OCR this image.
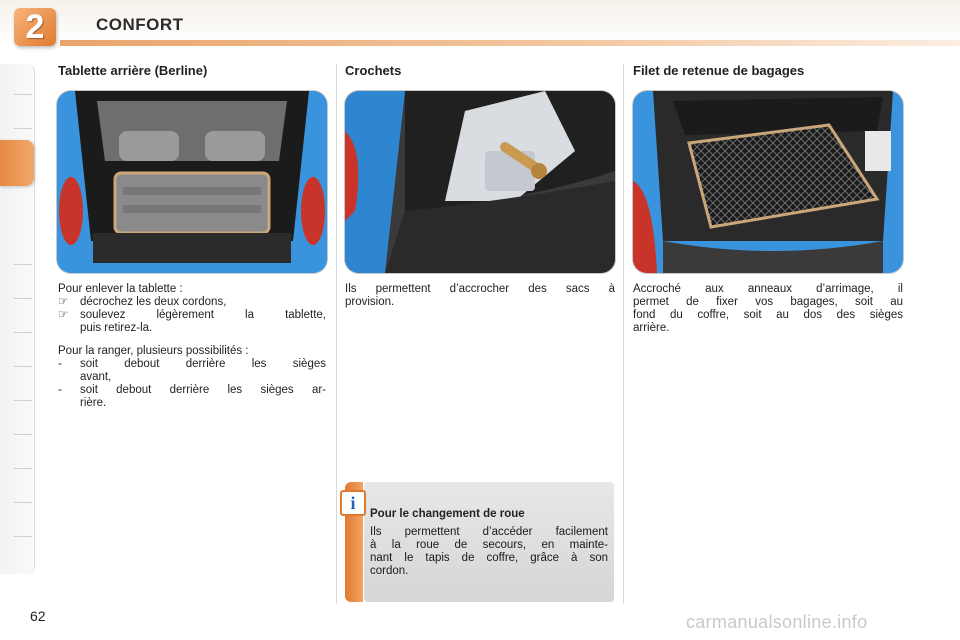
2	CONFORT
Tablette arrière (Berline)

Pour enlever la tablette :

☞	décrochez les deux cordons,
☞	soulevez légèrement la tablette,
puis retirez-la.

Pour la ranger, plusieurs possibilités :

-	soit debout derrière les sièges
avant,
-	soit debout derrière les sièges ar-
rière.
Crochets
Ils permettent d’accrocher des sacs à
provision.
i
Pour le changement de roue
Ils permettent d’accéder facilement
à la roue de secours, en mainte-
nant le tapis de coffre, grâce à son
cordon.
Filet de retenue de bagages
Accroché aux anneaux d’arrimage, il
permet de fixer vos bagages, soit au
fond du coffre, soit au dos des sièges
arrière.
62	carmanualsonline.info
